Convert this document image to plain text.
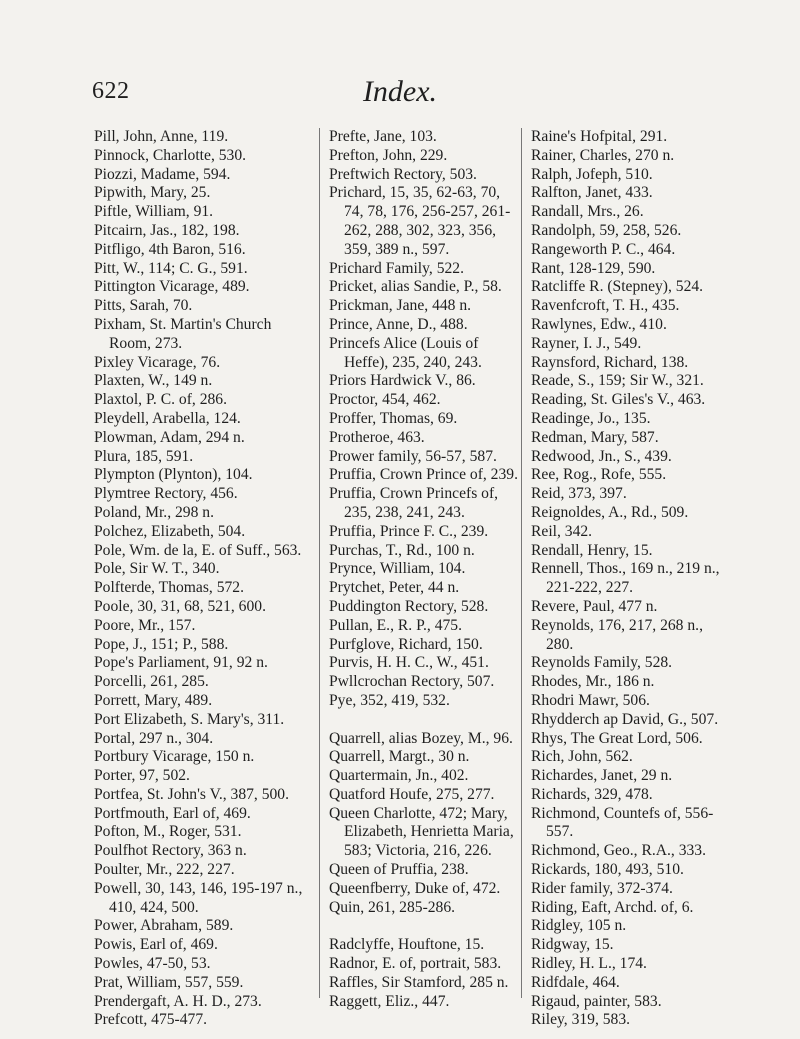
622	Index.
Pill, John, Anne, 119.
Pinnock, Charlotte, 530.
Piozzi, Madame, 594.
Pipwith, Mary, 25.
Piftle, William, 91.
Pitcairn, Jas., 182, 198.
Pitfligo, 4th Baron, 516.
Pitt, W., 114; C. G., 591.
Pittington Vicarage, 489.
Pitts, Sarah, 70.
Pixham, St. Martin's Church Room, 273.
Pixley Vicarage, 76.
Plaxten, W., 149 n.
Plaxtol, P. C. of, 286.
Pleydell, Arabella, 124.
Plowman, Adam, 294 n.
Plura, 185, 591.
Plympton (Plynton), 104.
Plymtree Rectory, 456.
Poland, Mr., 298 n.
Polchez, Elizabeth, 504.
Pole, Wm. de la, E. of Suff., 563.
Pole, Sir W. T., 340.
Polfterde, Thomas, 572.
Poole, 30, 31, 68, 521, 600.
Poore, Mr., 157.
Pope, J., 151; P., 588.
Pope's Parliament, 91, 92 n.
Porcelli, 261, 285.
Porrett, Mary, 489.
Port Elizabeth, S. Mary's, 311.
Portal, 297 n., 304.
Portbury Vicarage, 150 n.
Porter, 97, 502.
Portfea, St. John's V., 387, 500.
Portfmouth, Earl of, 469.
Pofton, M., Roger, 531.
Poulfhot Rectory, 363 n.
Poulter, Mr., 222, 227.
Powell, 30, 143, 146, 195-197 n., 410, 424, 500.
Power, Abraham, 589.
Powis, Earl of, 469.
Powles, 47-50, 53.
Prat, William, 557, 559.
Prendergaft, A. H. D., 273.
Prefcott, 475-477.
Prefte, Jane, 103.
Prefton, John, 229.
Preftwich Rectory, 503.
Prichard, 15, 35, 62-63, 70, 74, 78, 176, 256-257, 261-262, 288, 302, 323, 356, 359, 389 n., 597.
Prichard Family, 522.
Pricket, alias Sandie, P., 58.
Prickman, Jane, 448 n.
Prince, Anne, D., 488.
Princefs Alice (Louis of Heffe), 235, 240, 243.
Priors Hardwick V., 86.
Proctor, 454, 462.
Proffer, Thomas, 69.
Protheroe, 463.
Prower family, 56-57, 587.
Pruffia, Crown Prince of, 239.
Pruffia, Crown Princefs of, 235, 238, 241, 243.
Pruffia, Prince F. C., 239.
Purchas, T., Rd., 100 n.
Prynce, William, 104.
Prytchet, Peter, 44 n.
Puddington Rectory, 528.
Pullan, E., R. P., 475.
Purfglove, Richard, 150.
Purvis, H. H. C., W., 451.
Pwllcrochan Rectory, 507.
Pye, 352, 419, 532.
Quarrell, alias Bozey, M., 96.
Quarrell, Margt., 30 n.
Quartermain, Jn., 402.
Quatford Houfe, 275, 277.
Queen Charlotte, 472; Mary, Elizabeth, Henrietta Maria, 583; Victoria, 216, 226.
Queen of Pruffia, 238.
Queenfberry, Duke of, 472.
Quin, 261, 285-286.
Radclyffe, Houftone, 15.
Radnor, E. of, portrait, 583.
Raffles, Sir Stamford, 285 n.
Raggett, Eliz., 447.
Raine's Hofpital, 291.
Rainer, Charles, 270 n.
Ralph, Jofeph, 510.
Ralfton, Janet, 433.
Randall, Mrs., 26.
Randolph, 59, 258, 526.
Rangeworth P. C., 464.
Rant, 128-129, 590.
Ratcliffe R. (Stepney), 524.
Ravenfcroft, T. H., 435.
Rawlynes, Edw., 410.
Rayner, I. J., 549.
Raynsford, Richard, 138.
Reade, S., 159; Sir W., 321.
Reading, St. Giles's V., 463.
Readinge, Jo., 135.
Redman, Mary, 587.
Redwood, Jn., S., 439.
Ree, Rog., Rofe, 555.
Reid, 373, 397.
Reignoldes, A., Rd., 509.
Reil, 342.
Rendall, Henry, 15.
Rennell, Thos., 169 n., 219 n., 221-222, 227.
Revere, Paul, 477 n.
Reynolds, 176, 217, 268 n., 280.
Reynolds Family, 528.
Rhodes, Mr., 186 n.
Rhodri Mawr, 506.
Rhydderch ap David, G., 507.
Rhys, The Great Lord, 506.
Rich, John, 562.
Richardes, Janet, 29 n.
Richards, 329, 478.
Richmond, Countefs of, 556-557.
Richmond, Geo., R.A., 333.
Rickards, 180, 493, 510.
Rider family, 372-374.
Riding, Eaft, Archd. of, 6.
Ridgley, 105 n.
Ridgway, 15.
Ridley, H. L., 174.
Ridfdale, 464.
Rigaud, painter, 583.
Riley, 319, 583.
